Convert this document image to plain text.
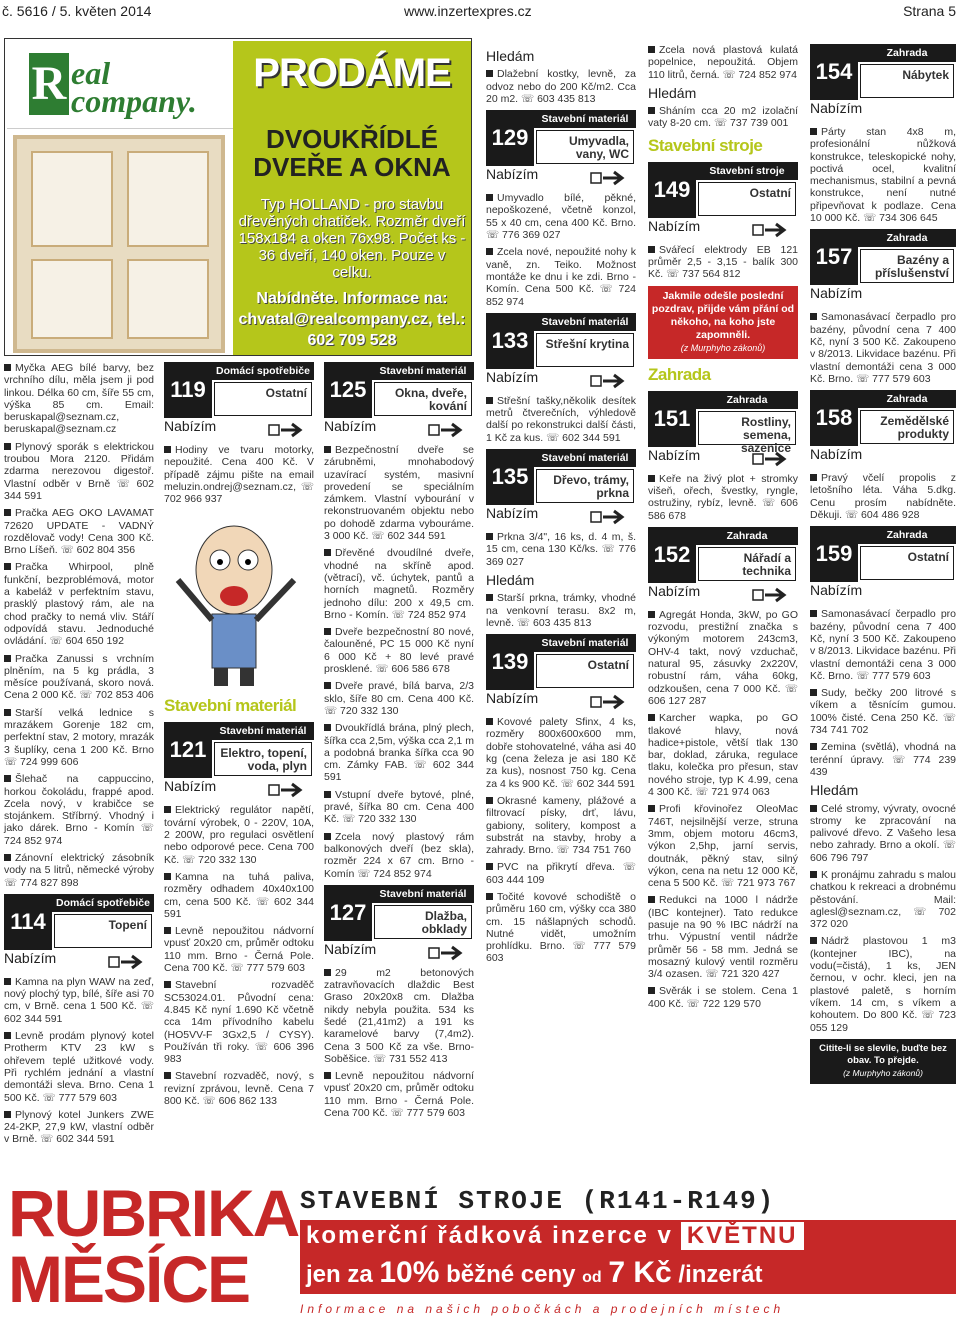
č. 5616 / 5. květen 2014	www.inzertexpres.cz	Strana 5
R eal company.
PRODÁME
DVOUKŘÍDLÉ DVEŘE A OKNA
Typ HOLLAND - pro stavbu dřevěných chatiček. Rozměr dveří 158x184 a oken 76x98. Počet ks - 36 dveří, 140 oken. Pouze v celku.
Nabídněte. Informace na: chvatal@realcompany.cz, tel.: 602 709 528

Myčka AEG bílé barvy, bez vrchního dílu, měla jsem ji pod linkou. Délka 60 cm, šíře 55 cm, výška 85 cm. Email: beruskapal@seznam.cz, beruskapal@seznam.cz

Plynový sporák s elektrickou troubou Mora 2120. Přidám zdarma nerezovou digestoř. Vlastní odběr v Brně ☏ 602 344 591

Pračka AEG OKO LAVAMAT 72620 UPDATE - VADNÝ rozdělovač vody! Cena 300 Kč. Brno Líšeň. ☏ 602 804 356

Pračka Whirpool, plně funkční, bezproblémová, motor a kabeláž v perfektním stavu, prasklý plastový rám, ale na chod pračky to nemá vliv. Stáří odpovídá stavu. Jednoduché ovládání. ☏ 604 650 192

Pračka Zanussi s vrchním plněním, na 5 kg prádla, 3 měsíce používaná, skoro nová. Cena 2 000 Kč. ☏ 702 853 406

Starší velká lednice s mrazákem Gorenje 182 cm, perfektní stav, 2 motory, mrazák 3 šuplíky, cena 1 200 Kč. Brno ☏ 724 999 606

Šlehač na cappuccino, horkou čokoládu, frappé apod. Zcela nový, v krabičce se stojánkem. Stříbrný. Vhodný i jako dárek. Brno - Komín ☏ 724 852 974

Zánovní elektrický zásobník vody na 5 litrů, německé výroby ☏ 774 827 898

114
Domácí spotřebiče
Topení
Nabízím

Kamna na plyn WAW na zeď, nový plochý typ, bílé, šíře asi 70 cm, v Brně. cena 1 500 Kč. ☏ 602 344 591

Levně prodám plynový kotel Protherm KTV 23 kW s ohřevem teplé užitkové vody. Při rychlém jednání a vlastní demontáži sleva. Brno. Cena 1 500 Kč. ☏ 777 579 603

Plynový kotel Junkers ZWE 24-2KP, 27,9 kW, vlastní odběr v Brně. ☏ 602 344 591

119
Domácí spotřebiče
Ostatní
Nabízím

Hodiny ve tvaru motorky, nepoužité. Cena 400 Kč. V případě zájmu pište na email meluzin.ondrej@seznam.cz, ☏ 702 966 937

Stavební materiál
121
Stavební materiál
Elektro, topení, voda, plyn
Nabízím

Elektrický regulátor napětí, tovární výrobek, 0 - 220V, 10A, 2 200W, pro regulaci osvětlení nebo odporové pece. Cena 700 Kč. ☏ 720 332 130

Kamna na tuhá paliva, rozměry odhadem 40x40x100 cm, cena 500 Kč. ☏ 602 344 591

Levně nepoužitou nádvorní vpusť 20x20 cm, průměr odtoku 110 mm. Brno - Černá Pole. Cena 700 Kč. ☏ 777 579 603

Stavební rozvaděč SC53024.01. Původní cena: 4.845 Kč nyní 1.690 Kč včetně cca 14m přívodního kabelu (HO5VV-F 3Gx2,5 / CYSY). Používán tři roky. ☏ 606 396 983

Stavební rozvaděč, nový, s revizní zprávou, levně. Cena 7 800 Kč. ☏ 606 862 133

125
Stavební materiál
Okna, dveře, kování
Nabízím

Bezpečnostní dveře se zárubněmi, mnohabodový uzavírací systém, masivní provedení se speciálním zámkem. Vlastní vybourání v rekonstruovaném objektu nebo po dohodě zdarma vybouráme. 3 000 Kč. ☏ 602 344 591

Dřevěné dvoudílné dveře, vhodné na skříně apod. (větrací), vč. úchytek, pantů a horních magnetů. Rozměry jednoho dílu: 200 x 49,5 cm. Brno - Komín. ☏ 724 852 974

Dveře bezpečnostní 80 nové, čalouněné, PC 15 000 Kč nyní 6 000 Kč + 80 levé pravé prosklené. ☏ 606 586 678

Dveře pravé, bílá barva, 2/3 sklo, šíře 80 cm. Cena 400 Kč. ☏ 720 332 130

Dvoukřídlá brána, plný plech, šířka cca 2,5m, výška cca 2,1 m a podobná branka šířka cca 90 cm. Zámky FAB. ☏ 602 344 591

Vstupní dveře bytové, plné, pravé, šířka 80 cm. Cena 400 Kč. ☏ 720 332 130

Zcela nový plastový rám balkonových dveří (bez skla), rozměr 224 x 67 cm. Brno - Komín ☏ 724 852 974

127
Stavební materiál
Dlažba, obklady
Nabízím

29 m2 betonových zatravňovacích dlaždic Best Graso 20x20x8 cm. Dlažba nikdy nebyla použita. 534 ks šedé (21,41m2) a 191 ks karamelové barvy (7,4m2). Cena 3 500 Kč za vše. Brno-Soběšice. ☏ 731 552 413

Levně nepoužitou nádvorní vpusť 20x20 cm, průměr odtoku 110 mm. Brno - Černá Pole. Cena 700 Kč. ☏ 777 579 603

Hledám

Dlažební kostky, levně, za odvoz nebo do 200 Kč/m2. Cca 20 m2. ☏ 603 435 813

129
Stavební materiál
Umyvadla, vany, WC
Nabízím

Umyvadlo bílé, pěkné, nepoškozené, včetně konzol, 55 x 40 cm, cena 400 Kč. Brno. ☏ 776 369 027

Zcela nové, nepoužité nohy k vaně, zn. Teiko. Možnost montáže ke dnu i ke zdi. Brno - Komín. Cena 500 Kč. ☏ 724 852 974

133
Stavební materiál
Střešní krytina
Nabízím

Střešní tašky,několik desítek metrů čtverečních, výhledově další po rekonstrukci další části, 1 Kč za kus. ☏ 602 344 591

135
Stavební materiál
Dřevo, trámy, prkna
Nabízím

Prkna 3/4", 16 ks, d. 4 m, š. 15 cm, cena 130 Kč/ks. ☏ 776 369 027

Hledám

Starší prkna, trámky, vhodné na venkovní terasu. 8x2 m, levně. ☏ 603 435 813

139
Stavební materiál
Ostatní
Nabízím

Kovové palety Sfinx, 4 ks, rozměry 800x600x600 mm, dobře stohovatelné, váha asi 40 kg (cena železa je asi 180 Kč za kus), nosnost 750 kg. Cena za 4 ks 900 Kč. ☏ 602 344 591

Okrasné kameny, plážové a filtrovací písky, drť, lávu, gabiony, solitery, kompost a substrát na stavby, hroby a zahrady. Brno. ☏ 734 751 760

PVC na přikrytí dřeva. ☏ 603 444 109

Točité kovové schodiště o průměru 160 cm, výšky cca 380 cm. 15 nášlapných schodů. Nutné vidět, umožním prohlídku. Brno. ☏ 777 579 603

Zcela nová plastová kulatá popelnice, nepoužitá. Objem 110 litrů, černá. ☏ 724 852 974

Hledám

Sháním cca 20 m2 izolační vaty 8-20 cm. ☏ 737 739 001

Stavební stroje
149
Stavební stroje
Ostatní
Nabízím

Svářecí elektrody EB 121 průměr 2,5 - 3,15 - balík 300 Kč. ☏ 737 564 812

Jakmile odešle poslední pozdrav, přijde vám přání od někoho, na koho jste zapomněli.
(z Murphyho zákonů)
Zahrada
151
Zahrada
Rostliny, semena, sazenice
Nabízím

Keře na živý plot + stromky višeň, ořech, švestky, ryngle, ostružiny, rybíz, levně. ☏ 606 586 678

152
Zahrada
Nářadí a technika
Nabízím

Agregát Honda, 3kW, po GO rozvodu, prestižní značka s výkoným motorem 243cm3, OHV-4 takt, nový vzduchač, natural 95, zásuvky 2x220V, robustní rám, váha 60kg, odzkoušen, cena 7 000 Kč. ☏ 606 127 287

Karcher wapka, po GO tlakové hlavy, nová hadice+pistole, větší tlak 130 bar, doklad, záruka, regulace tlaku, kolečka pro přesun, stav nového stroje, typ K 4.99, cena 4 300 Kč. ☏ 721 974 063

Profi křovinořez OleoMac 746T, nejsilnější verze, struna 3mm, objem motoru 46cm3, výkon 2,5hp, jarní servis, doutnák, pěkný stav, silný výkon, cena na netu 12 000 Kč, cena 5 500 Kč. ☏ 721 973 767

Redukci na 1000 l nádrže (IBC kontejner). Tato redukce pasuje na 90 % IBC nádrží na trhu. Výpustní ventil nádrže průměr 56 - 58 mm. Jedná se mosazný kulový ventil rozměru 3/4 ozasen. ☏ 721 320 427

Svěrák i se stolem. Cena 1 400 Kč. ☏ 722 129 570

154
Zahrada
Nábytek
Nabízím

Párty stan 4x8 m, profesionální nůžková konstrukce, teleskopické nohy, poctivá ocel, kvalitní mechanismus, stabilní a pevná konstrukce, není nutné připevňovat k podlaze. Cena 10 000 Kč. ☏ 734 306 645

157
Zahrada
Bazény a příslušenství
Nabízím

Samonasávací čerpadlo pro bazény, původní cena 7 400 Kč, nyní 3 500 Kč. Zakoupeno v 8/2013. Likvidace bazénu. Při vlastní demontáži cena 3 000 Kč. Brno. ☏ 777 579 603

158
Zahrada
Zemědělské produkty
Nabízím

Pravý včelí propolis z letošního léta. Váha 5.dkg. Cenu prosím nabídněte. Děkuji. ☏ 604 486 928

159
Zahrada
Ostatní
Nabízím

Samonasávací čerpadlo pro bazény, původní cena 7 400 Kč, nyní 3 500 Kč. Zakoupeno v 8/2013. Likvidace bazénu. Při vlastní demontáži cena 3 000 Kč. Brno. ☏ 777 579 603

Sudy, bečky 200 litrové s víkem a těsnícím gumou. 100% čisté. Cena 250 Kč. ☏ 734 741 702

Zemina (světlá), vhodná na terénní úpravy. ☏ 774 239 439

Hledám

Celé stromy, vývraty, ovocné stromy ke zpracování na palivové dřevo. Z Vašeho lesa nebo zahrady. Brno a okolí. ☏ 606 796 797

K pronájmu zahradu s malou chatkou k rekreaci a drobnému pěstování. Mail: aglesl@seznam.cz, ☏ 702 372 020

Nádrž plastovou 1 m3 (kontejner IBC), na vodu(=čistá), 1 ks, JEN černou, v ochr. kleci, jen na plastové paletě, s horním víkem. 14 cm, s víkem a kohoutem. Do 800 Kč. ☏ 723 055 129

Citite-li se slevile, buďte bez obav. To přejde.
(z Murphyho zákonů)
RUBRIKA
MĚSÍCE
STAVEBNÍ STROJE (R141-R149)
komerční řádková inzerce v KVĚTNU
jen za 10% běžné ceny od 7 Kč /inzerát
Informace na našich pobočkách a prodejních místech
